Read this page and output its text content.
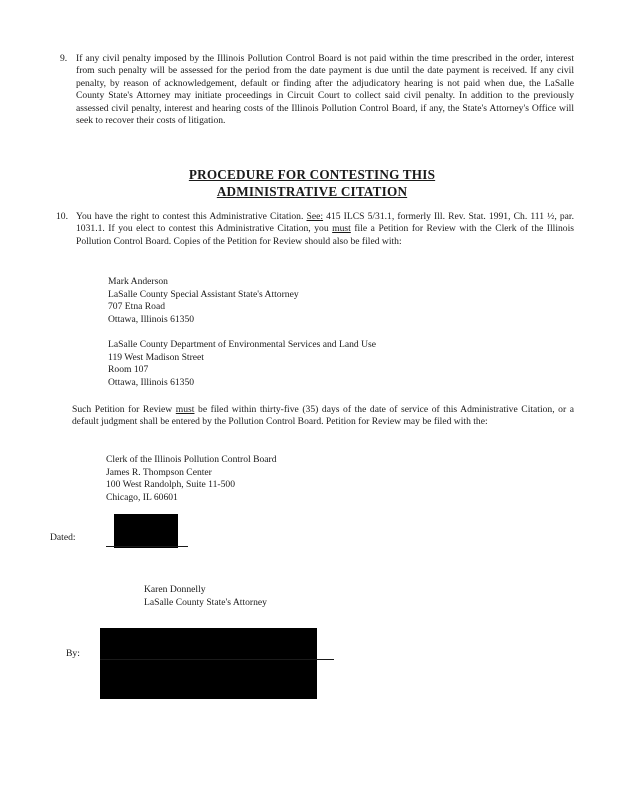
9. If any civil penalty imposed by the Illinois Pollution Control Board is not paid within the time prescribed in the order, interest from such penalty will be assessed for the period from the date payment is due until the date payment is received. If any civil penalty, by reason of acknowledgement, default or finding after the adjudicatory hearing is not paid when due, the LaSalle County State's Attorney may initiate proceedings in Circuit Court to collect said civil penalty. In addition to the previously assessed civil penalty, interest and hearing costs of the Illinois Pollution Control Board, if any, the State's Attorney's Office will seek to recover their costs of litigation.
PROCEDURE FOR CONTESTING THIS
ADMINISTRATIVE CITATION
10. You have the right to contest this Administrative Citation. See: 415 ILCS 5/31.1, formerly Ill. Rev. Stat. 1991, Ch. 111 ½, par. 1031.1. If you elect to contest this Administrative Citation, you must file a Petition for Review with the Clerk of the Illinois Pollution Control Board. Copies of the Petition for Review should also be filed with:
Mark Anderson
LaSalle County Special Assistant State's Attorney
707 Etna Road
Ottawa, Illinois 61350
LaSalle County Department of Environmental Services and Land Use
119 West Madison Street
Room 107
Ottawa, Illinois 61350
Such Petition for Review must be filed within thirty-five (35) days of the date of service of this Administrative Citation, or a default judgment shall be entered by the Pollution Control Board. Petition for Review may be filed with the:
Clerk of the Illinois Pollution Control Board
James R. Thompson Center
100 West Randolph, Suite 11-500
Chicago, IL 60601
Dated:
Karen Donnelly
LaSalle County State's Attorney
By:
